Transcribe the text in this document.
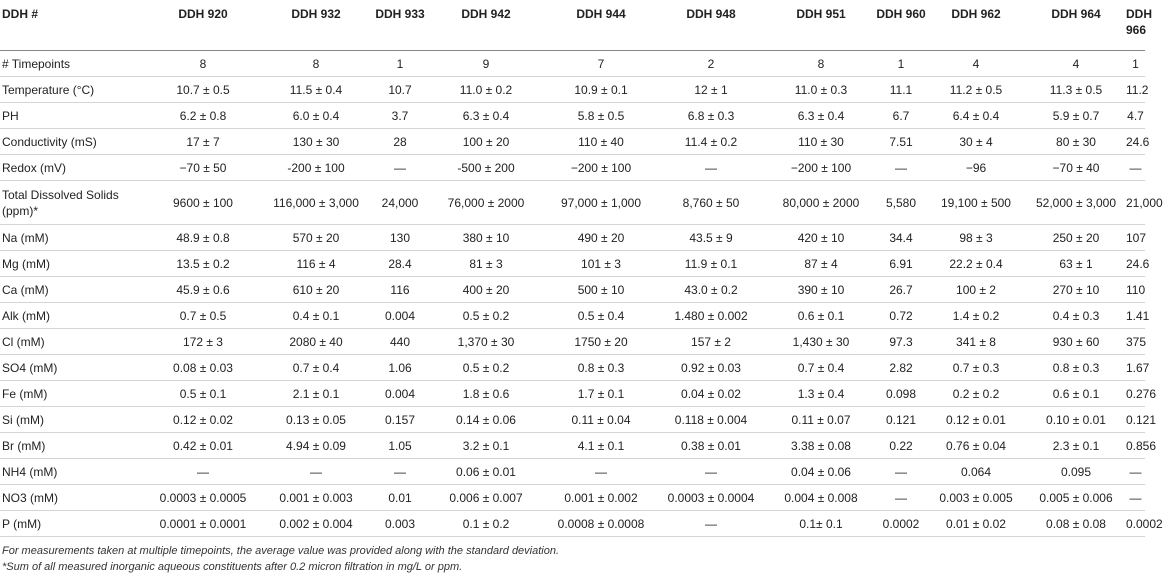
DDH #	DDH 920	DDH 932	DDH 933	DDH 942	DDH 944	DDH 948	DDH 951	DDH 960	DDH 962	DDH 964	DDH 966
# Timepoints	8	8	1	9	7	2	8	1	4	4	1
Temperature (°C)	10.7 ± 0.5	11.5 ± 0.4	10.7	11.0 ± 0.2	10.9 ± 0.1	12 ± 1	11.0 ± 0.3	11.1	11.2 ± 0.5	11.3 ± 0.5	11.2
PH	6.2 ± 0.8	6.0 ± 0.4	3.7	6.3 ± 0.4	5.8 ± 0.5	6.8 ± 0.3	6.3 ± 0.4	6.7	6.4 ± 0.4	5.9 ± 0.7	4.7
Conductivity (mS)	17 ± 7	130 ± 30	28	100 ± 20	110 ± 40	11.4 ± 0.2	110 ± 30	7.51	30 ± 4	80 ± 30	24.6
Redox (mV)	−70 ± 50	-200 ± 100	—	-500 ± 200	−200 ± 100	—	−200 ± 100	—	−96	−70 ± 40	—
Total Dissolved Solids (ppm)*	9600 ± 100	116,000 ± 3,000	24,000	76,000 ± 2000	97,000 ± 1,000	8,760 ± 50	80,000 ± 2000	5,580	19,100 ± 500	52,000 ± 3,000	21,000
Na (mM)	48.9 ± 0.8	570 ± 20	130	380 ± 10	490 ± 20	43.5 ± 9	420 ± 10	34.4	98 ± 3	250 ± 20	107
Mg (mM)	13.5 ± 0.2	116 ± 4	28.4	81 ± 3	101 ± 3	11.9 ± 0.1	87 ± 4	6.91	22.2 ± 0.4	63 ± 1	24.6
Ca (mM)	45.9 ± 0.6	610 ± 20	116	400 ± 20	500 ± 10	43.0 ± 0.2	390 ± 10	26.7	100 ± 2	270 ± 10	110
Alk (mM)	0.7 ± 0.5	0.4 ± 0.1	0.004	0.5 ± 0.2	0.5 ± 0.4	1.480 ± 0.002	0.6 ± 0.1	0.72	1.4 ± 0.2	0.4 ± 0.3	1.41
Cl (mM)	172 ± 3	2080 ± 40	440	1,370 ± 30	1750 ± 20	157 ± 2	1,430 ± 30	97.3	341 ± 8	930 ± 60	375
SO4 (mM)	0.08 ± 0.03	0.7 ± 0.4	1.06	0.5 ± 0.2	0.8 ± 0.3	0.92 ± 0.03	0.7 ± 0.4	2.82	0.7 ± 0.3	0.8 ± 0.3	1.67
Fe (mM)	0.5 ± 0.1	2.1 ± 0.1	0.004	1.8 ± 0.6	1.7 ± 0.1	0.04 ± 0.02	1.3 ± 0.4	0.098	0.2 ± 0.2	0.6 ± 0.1	0.276
Si (mM)	0.12 ± 0.02	0.13 ± 0.05	0.157	0.14 ± 0.06	0.11 ± 0.04	0.118 ± 0.004	0.11 ± 0.07	0.121	0.12 ± 0.01	0.10 ± 0.01	0.121
Br (mM)	0.42 ± 0.01	4.94 ± 0.09	1.05	3.2 ± 0.1	4.1 ± 0.1	0.38 ± 0.01	3.38 ± 0.08	0.22	0.76 ± 0.04	2.3 ± 0.1	0.856
NH4 (mM)	—	—	—	0.06 ± 0.01	—	—	0.04 ± 0.06	—	0.064	0.095	—
NO3 (mM)	0.0003 ± 0.0005	0.001 ± 0.003	0.01	0.006 ± 0.007	0.001 ± 0.002	0.0003 ± 0.0004	0.004 ± 0.008	—	0.003 ± 0.005	0.005 ± 0.006	—
P (mM)	0.0001 ± 0.0001	0.002 ± 0.004	0.003	0.1 ± 0.2	0.0008 ± 0.0008	—	0.1± 0.1	0.0002	0.01 ± 0.02	0.08 ± 0.08	0.0002
For measurements taken at multiple timepoints, the average value was provided along with the standard deviation.
*Sum of all measured inorganic aqueous constituents after 0.2 micron filtration in mg/L or ppm.
